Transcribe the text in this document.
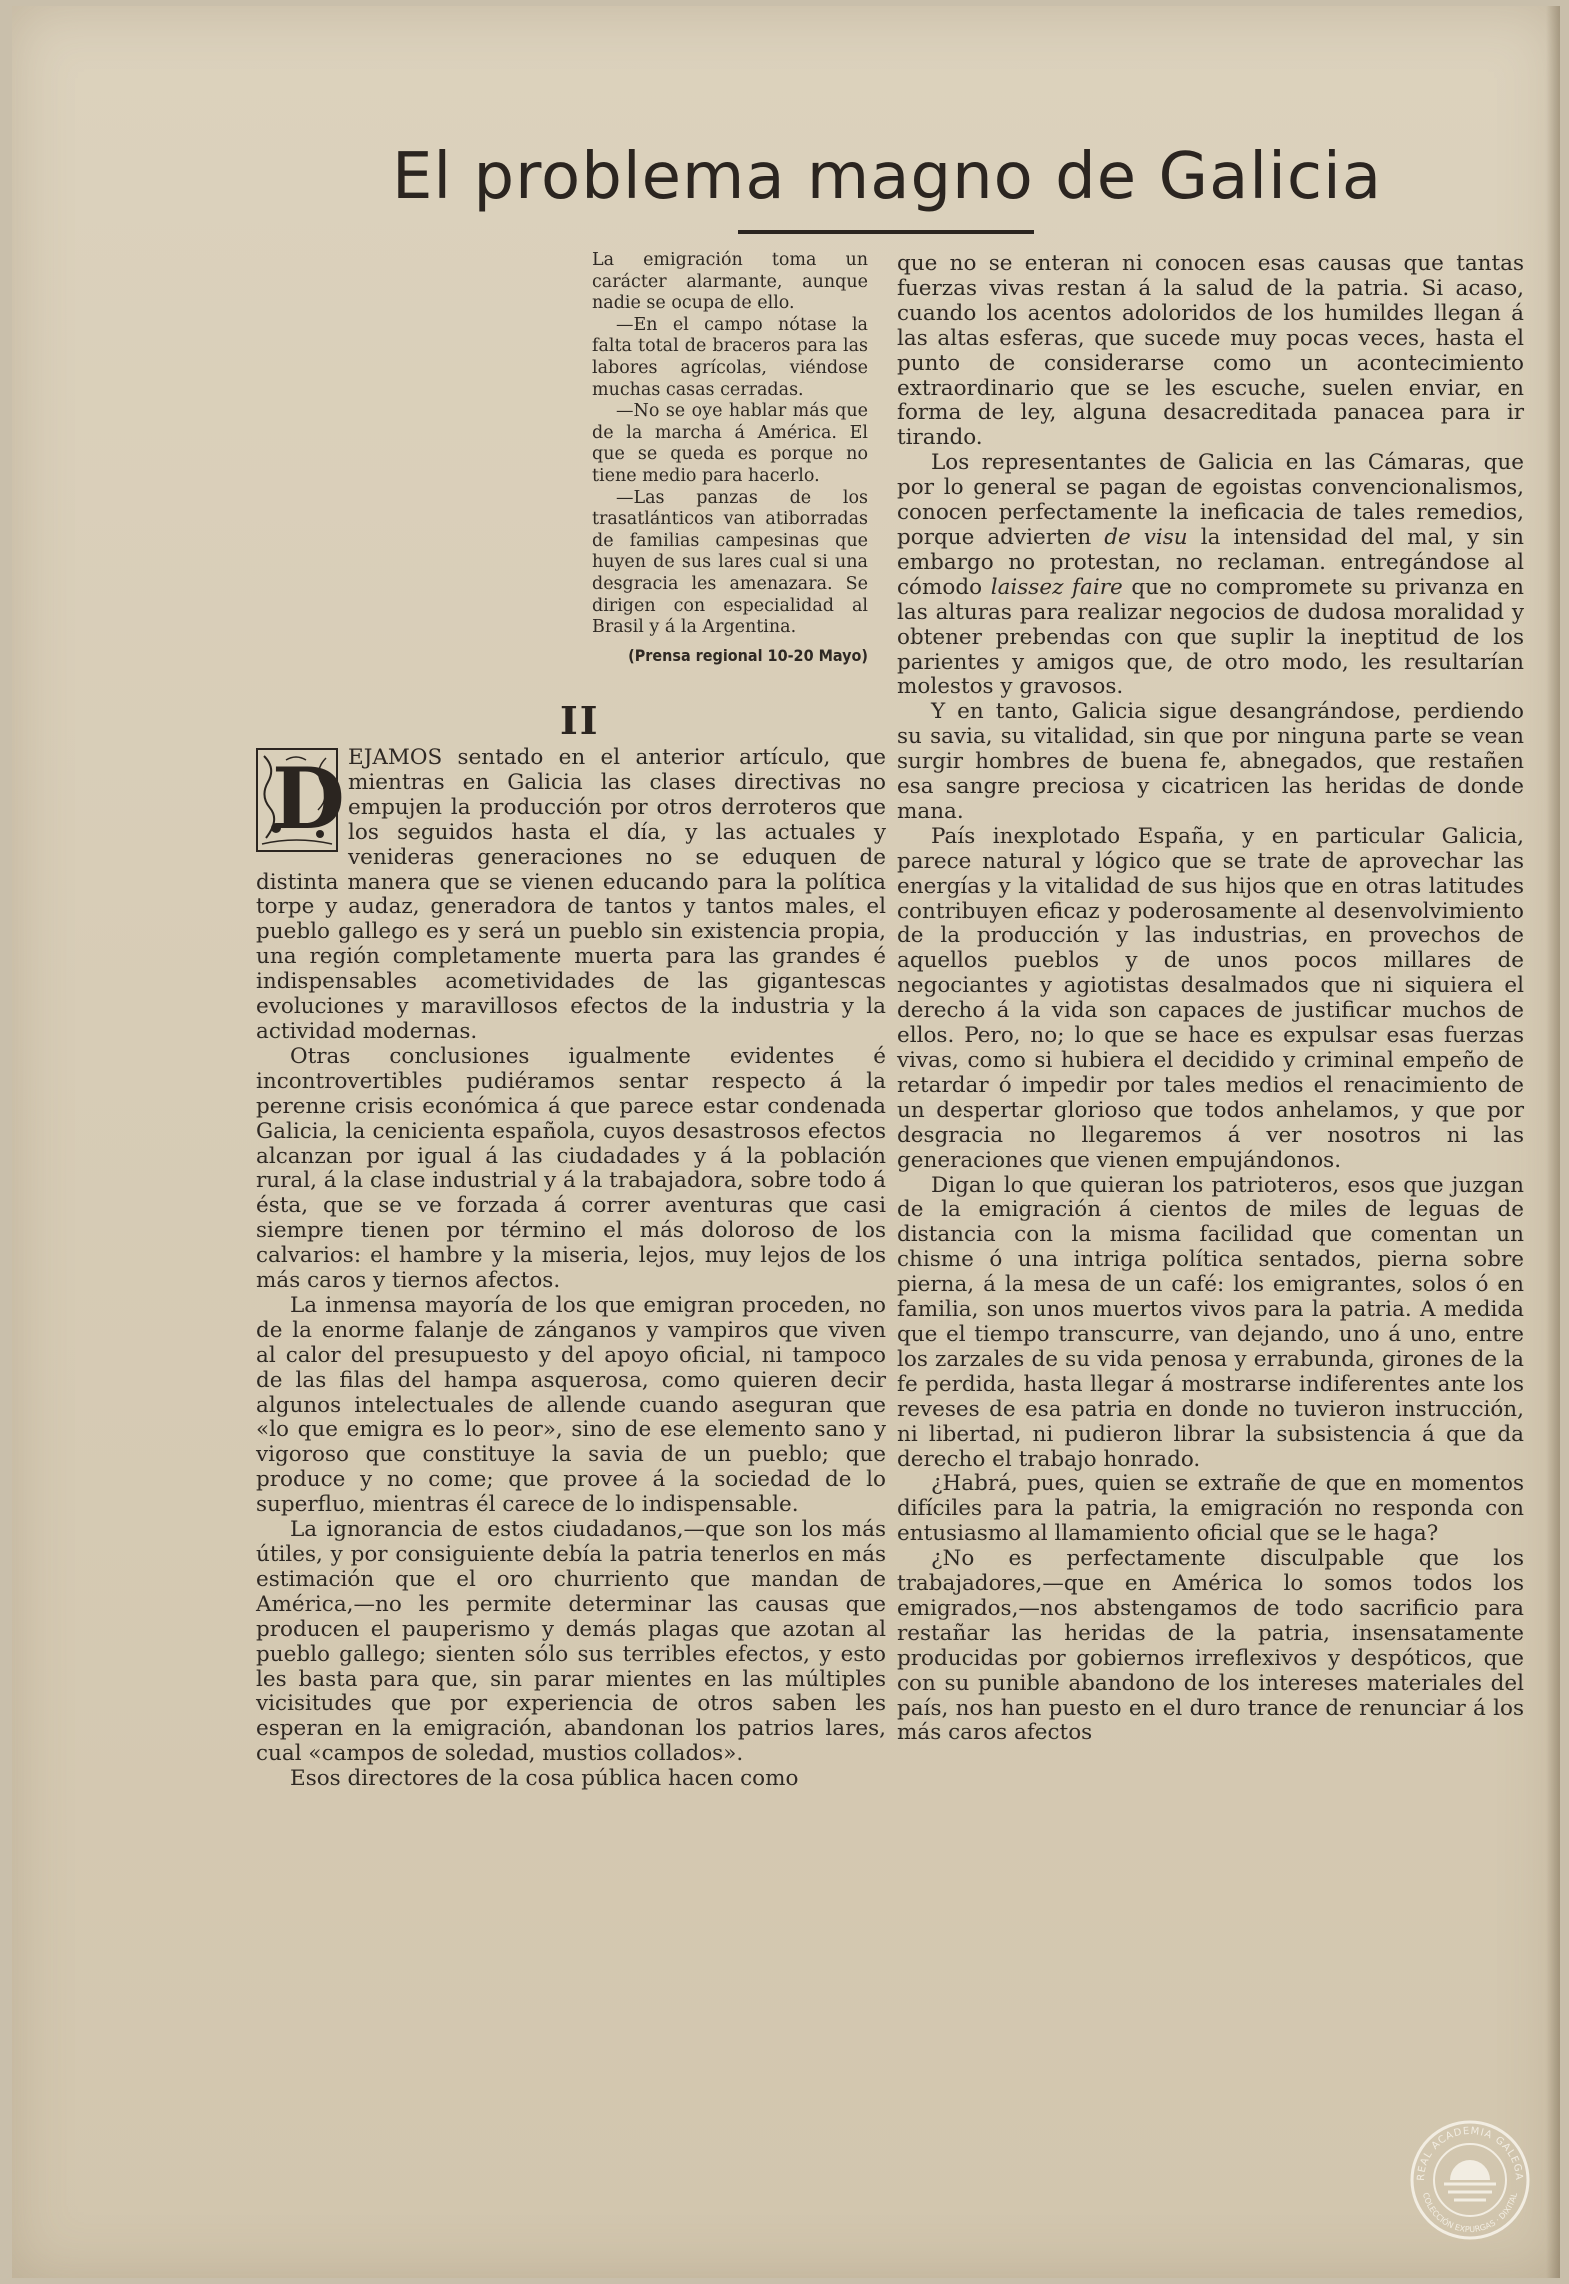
El problema magno de Galicia

La emigración toma un carácter alarmante, aunque nadie se ocupa de ello.

—En el campo nótase la falta total de braceros para las labores agrícolas, viéndose muchas casas cerradas.

—No se oye hablar más que de la marcha á América. El que se queda es porque no tiene medio para hacerlo.

—Las panzas de los trasatlánticos van atiborradas de familias campesinas que huyen de sus lares cual si una desgracia les amenazara. Se dirigen con especialidad al Brasil y á la Argentina.

(Prensa regional 10-20 Mayo)

II

D EJAMOS sentado en el anterior artículo, que mientras en Galicia las clases directivas no empujen la producción por otros derroteros que los seguidos hasta el día, y las actuales y venideras generaciones no se eduquen de distinta manera que se vienen educando para la política torpe y audaz, generadora de tantos y tantos males, el pueblo gallego es y será un pueblo sin existencia propia, una región completamente muerta para las grandes é indispensables acometividades de las gigantescas evoluciones y maravillosos efectos de la industria y la actividad modernas.

Otras conclusiones igualmente evidentes é incontrovertibles pudiéramos sentar respecto á la perenne crisis económica á que parece estar condenada Galicia, la cenicienta española, cuyos desastrosos efectos alcanzan por igual á las ciudadades y á la población rural, á la clase industrial y á la trabajadora, sobre todo á ésta, que se ve forzada á correr aventuras que casi siempre tienen por término el más doloroso de los calvarios: el hambre y la miseria, lejos, muy lejos de los más caros y tiernos afectos.

La inmensa mayoría de los que emigran proceden, no de la enorme falanje de zánganos y vampiros que viven al calor del presupuesto y del apoyo oficial, ni tampoco de las filas del hampa asquerosa, como quieren decir algunos intelectuales de allende cuando aseguran que «lo que emigra es lo peor», sino de ese elemento sano y vigoroso que constituye la savia de un pueblo; que produce y no come; que provee á la sociedad de lo superfluo, mientras él carece de lo indispensable.

La ignorancia de estos ciudadanos,—que son los más útiles, y por consiguiente debía la patria tenerlos en más estimación que el oro churriento que mandan de América,—no les permite determinar las causas que producen el pauperismo y demás plagas que azotan al pueblo gallego; sienten sólo sus terribles efectos, y esto les basta para que, sin parar mientes en las múltiples vicisitudes que por experiencia de otros saben les esperan en la emigración, abandonan los patrios lares, cual «campos de soledad, mustios collados».

Esos directores de la cosa pública hacen como

que no se enteran ni conocen esas causas que tantas fuerzas vivas restan á la salud de la patria. Si acaso, cuando los acentos adoloridos de los humildes llegan á las altas esferas, que sucede muy pocas veces, hasta el punto de considerarse como un acontecimiento extraordinario que se les escuche, suelen enviar, en forma de ley, alguna desacreditada panacea para ir tirando.

Los representantes de Galicia en las Cámaras, que por lo general se pagan de egoistas convencionalismos, conocen perfectamente la ineficacia de tales remedios, porque advierten de visu la intensidad del mal, y sin embargo no protestan, no reclaman. entregándose al cómodo laissez faire que no compromete su privanza en las alturas para realizar negocios de dudosa moralidad y obtener prebendas con que suplir la ineptitud de los parientes y amigos que, de otro modo, les resultarían molestos y gravosos.

Y en tanto, Galicia sigue desangrándose, perdiendo su savia, su vitalidad, sin que por ninguna parte se vean surgir hombres de buena fe, abnegados, que restañen esa sangre preciosa y cicatricen las heridas de donde mana.

País inexplotado España, y en particular Galicia, parece natural y lógico que se trate de aprovechar las energías y la vitalidad de sus hijos que en otras latitudes contribuyen eficaz y poderosamente al desenvolvimiento de la producción y las industrias, en provechos de aquellos pueblos y de unos pocos millares de negociantes y agiotistas desalmados que ni siquiera el derecho á la vida son capaces de justificar muchos de ellos. Pero, no; lo que se hace es expulsar esas fuerzas vivas, como si hubiera el decidido y criminal empeño de retardar ó impedir por tales medios el renacimiento de un despertar glorioso que todos anhelamos, y que por desgracia no llegaremos á ver nosotros ni las generaciones que vienen empujándonos.

Digan lo que quieran los patrioteros, esos que juzgan de la emigración á cientos de miles de leguas de distancia con la misma facilidad que comentan un chisme ó una intriga política sentados, pierna sobre pierna, á la mesa de un café: los emigrantes, solos ó en familia, son unos muertos vivos para la patria. A medida que el tiempo transcurre, van dejando, uno á uno, entre los zarzales de su vida penosa y errabunda, girones de la fe perdida, hasta llegar á mostrarse indiferentes ante los reveses de esa patria en donde no tuvieron instrucción, ni libertad, ni pudieron librar la subsistencia á que da derecho el trabajo honrado.

¿Habrá, pues, quien se extrañe de que en momentos difíciles para la patria, la emigración no responda con entusiasmo al llamamiento oficial que se le haga?

¿No es perfectamente disculpable que los trabajadores,—que en América lo somos todos los emigrados,—nos abstengamos de todo sacrificio para restañar las heridas de la patria, insensatamente producidas por gobiernos irreflexivos y despóticos, que con su punible abandono de los intereses materiales del país, nos han puesto en el duro trance de renunciar á los más caros afectos

REAL ACADEMIA GALEGA
COLECCIÓN EXPURGAS · DIXITAL
